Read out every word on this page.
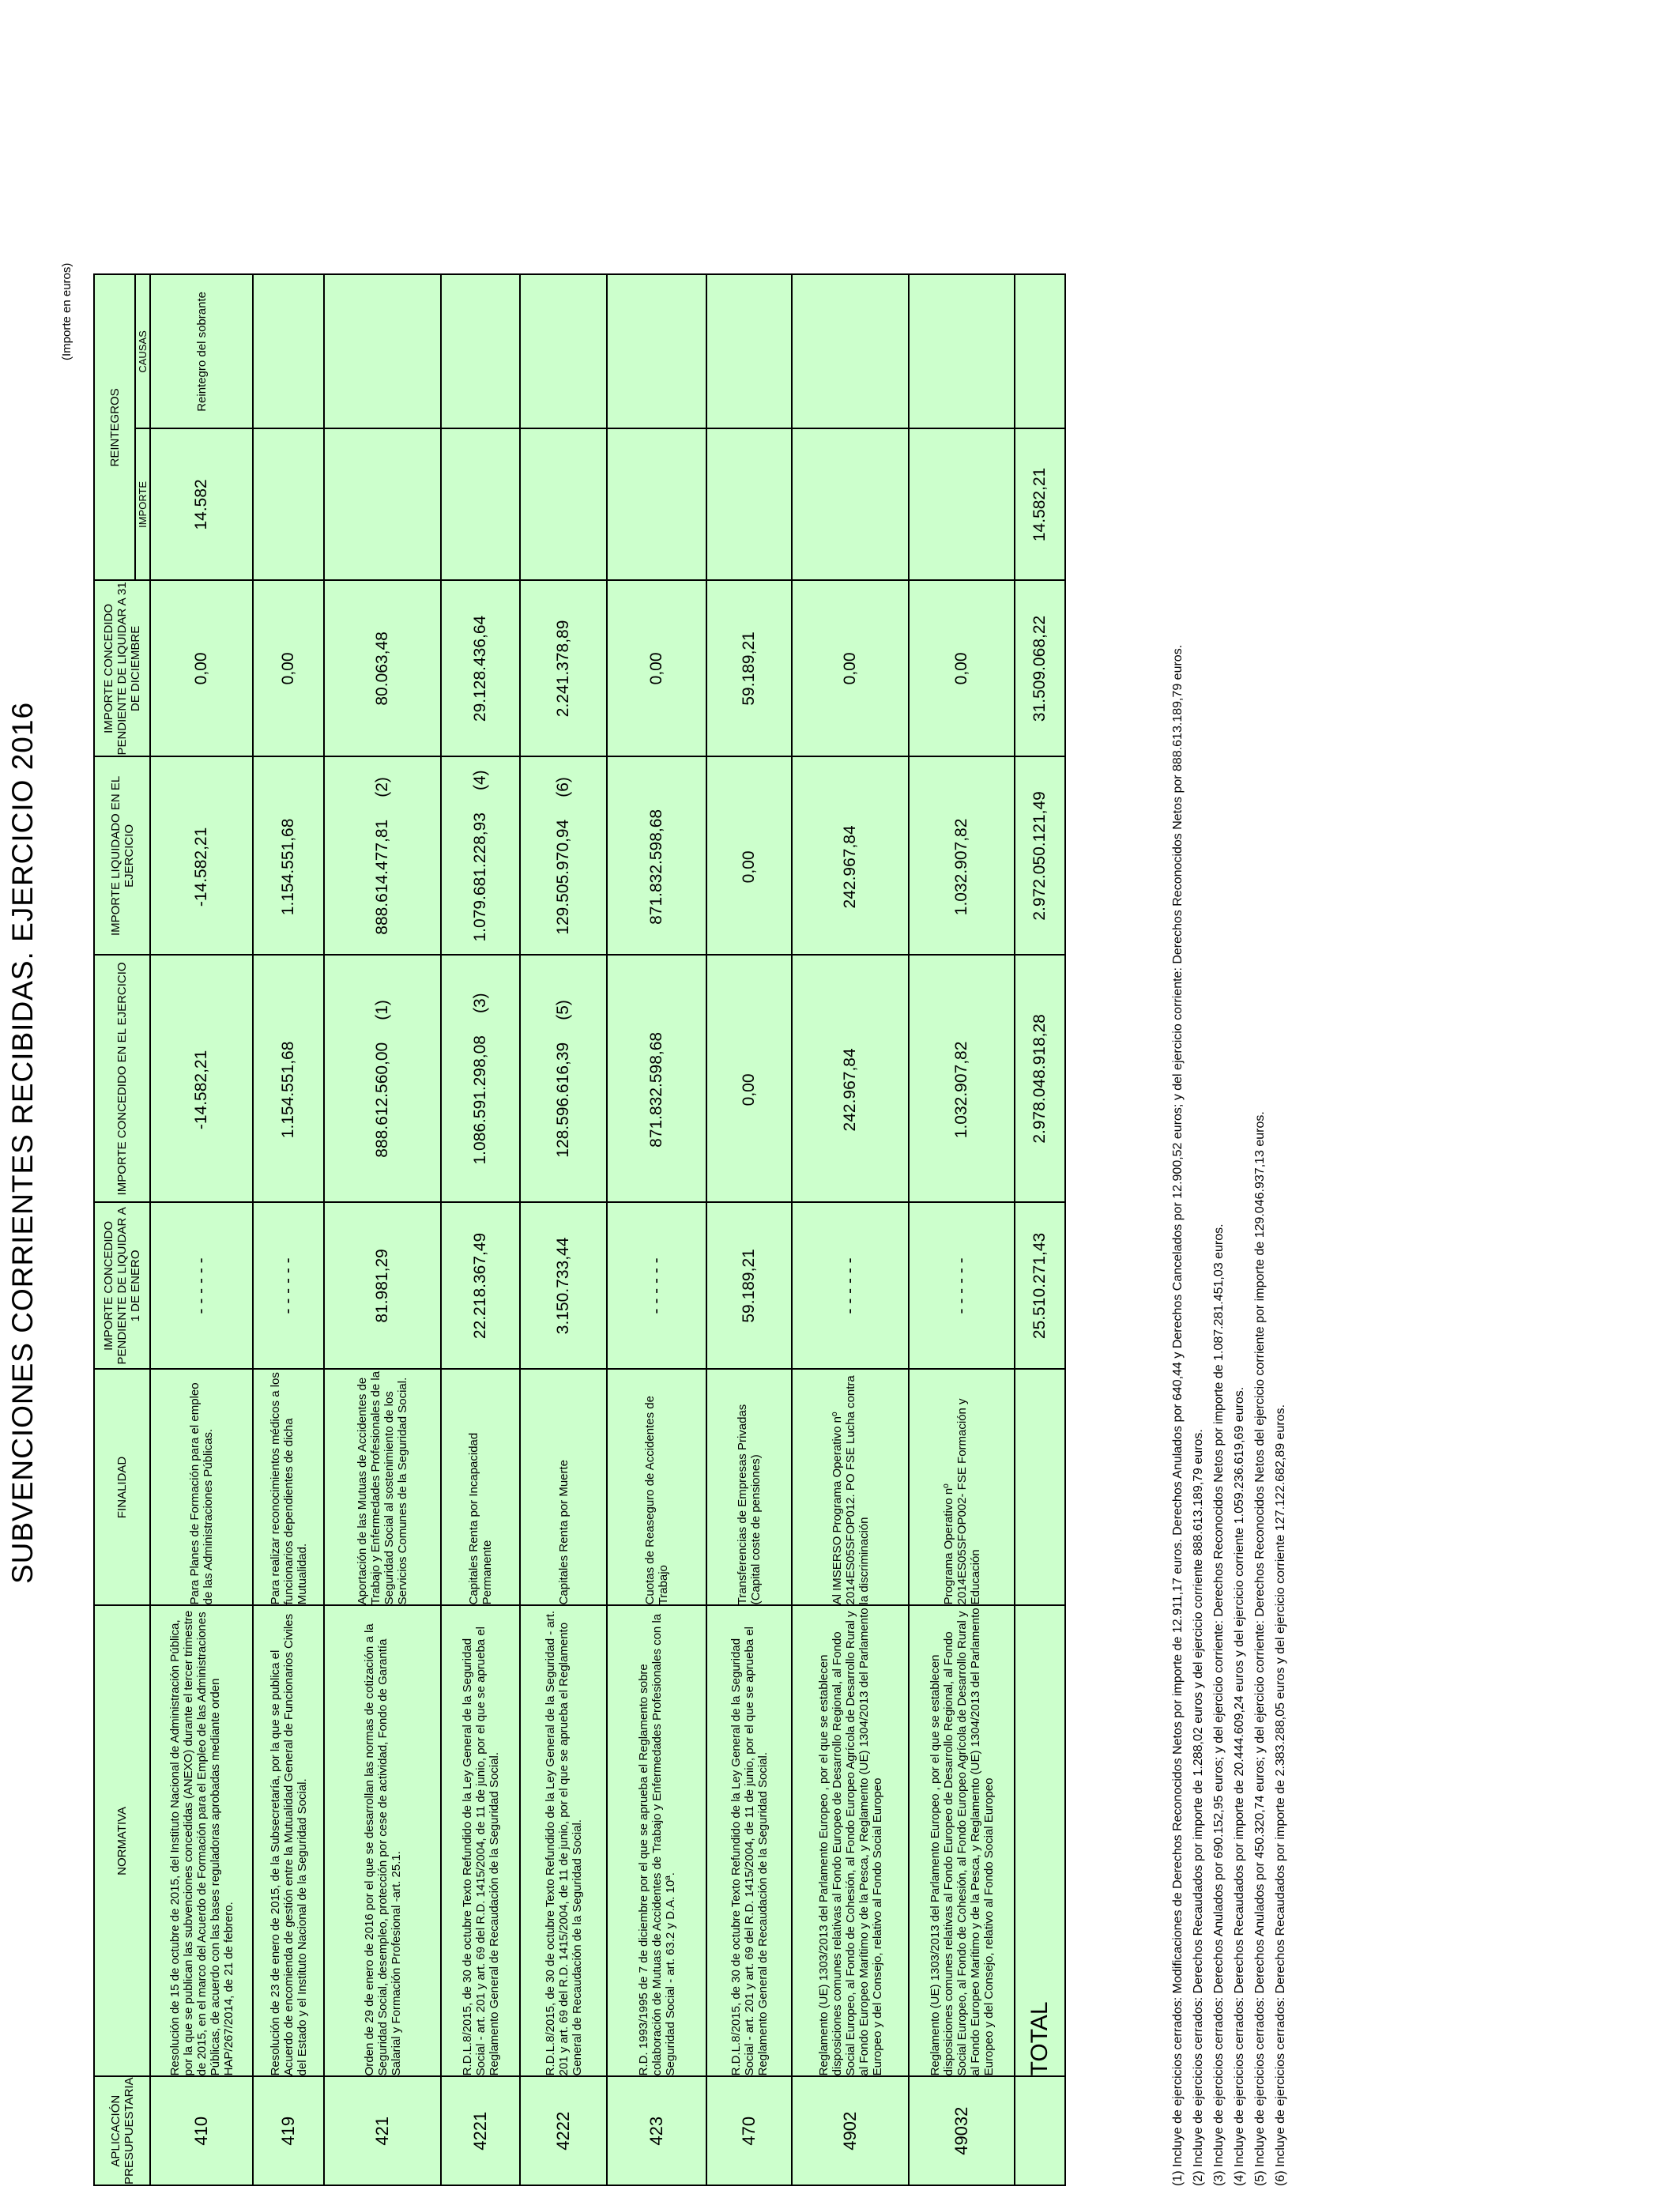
SUBVENCIONES CORRIENTES RECIBIDAS. EJERCICIO 2016
(Importe en euros)
APLICACIÓN PRESUPUESTARIA	NORMATIVA	FINALIDAD	IMPORTE CONCEDIDO PENDIENTE DE LIQUIDAR A 1 DE ENERO	IMPORTE CONCEDIDO EN EL EJERCICIO	IMPORTE LIQUIDADO EN EL EJERCICIO	IMPORTE CONCEDIDO PENDIENTE DE LIQUIDAR A 31 DE DICIEMBRE	REINTEGROS	
							IMPORTE	CAUSAS
410	Resolución de 15 de octubre de 2015, del Instituto Nacional de Administración Pública, por la que se publican las subvenciones concedidas (ANEXO) durante el tercer trimestre de 2015, en el marco del Acuerdo de Formación para el Empleo de las Administraciones Públicas, de acuerdo con las bases reguladoras aprobadas mediante orden HAP/267/2014, de 21 de febrero.	Para Planes de Formación para el empleo de las Administraciones Públicas.	- - - - - -	-14.582,21	-14.582,21	0,00	14.582	Reintegro del sobrante
419	Resolución de 23 de enero de 2015, de la Subsecretaría, por la que se publica el Acuerdo de encomienda de gestión entre la Mutualidad General de Funcionarios Civiles del Estado y el Instituto Nacional de la Seguridad Social.	Para realizar reconocimientos médicos a los funcionarios dependientes de dicha Mutualidad.	- - - - - -	1.154.551,68	1.154.551,68	0,00		
421	Orden de 29 de enero de 2016 por el que se desarrollan las normas de cotización a la Seguridad Social, desempleo, protección por cese de actividad, Fondo de Garantía Salarial y Formación Profesional -art. 25.1.	Aportación de las Mutuas de Accidentes de Trabajo y Enfermedades Profesionales de la Seguridad Social al sostenimiento de los Servicios Comunes de la Seguridad Social.	81.981,29	888.612.560,00(1)	888.614.477,81(2)	80.063,48		
4221	R.D.L.8/2015, de 30 de octubre Texto Refundido de la Ley General de la Seguridad Social - art. 201 y art. 69 del R.D. 1415/2004, de 11 de junio, por el que se aprueba el Reglamento General de Recaudación de la Seguridad Social.	Capitales Renta por Incapacidad Permanente	22.218.367,49	1.086.591.298,08(3)	1.079.681.228,93(4)	29.128.436,64		
4222	R.D.L.8/2015, de 30 de octubre Texto Refundido de la Ley General de la Seguridad - art. 201 y art. 69 del R.D. 1415/2004, de 11 de junio, por el que se aprueba el Reglamento General de Recaudación de la Seguridad Social.	Capitales Renta por Muerte	3.150.733,44	128.596.616,39(5)	129.505.970,94(6)	2.241.378,89		
423	R.D. 1993/1995 de 7 de diciembre por el que se aprueba el Reglamento sobre colaboración de Mutuas de Accidentes de Trabajo y Enfermedades Profesionales con la Seguridad Social - art. 63.2 y D.A. 10ª.	Cuotas de Reaseguro de Accidentes de Trabajo	- - - - - -	871.832.598,68	871.832.598,68	0,00		
470	R.D.L.8/2015, de 30 de octubre Texto Refundido de la Ley General de la Seguridad Social - art. 201 y art. 69 del R.D. 1415/2004, de 11 de junio, por el que se aprueba el Reglamento General de Recaudación de la Seguridad Social.	Transferencias de Empresas Privadas (Capital coste de pensiones)	59.189,21	0,00	0,00	59.189,21		
4902	Reglamento (UE) 1303/2013 del Parlamento Europeo , por el que se establecen disposiciones comunes relativas al Fondo Europeo de Desarrollo Regional, al Fondo Social Europeo, al Fondo de Cohesión, al Fondo Europeo Agrícola de Desarrollo Rural y al Fondo Europeo Marítimo y de la Pesca, y Reglamento (UE) 1304/2013 del Parlamento Europeo y del Consejo, relativo al Fondo Social Europeo	Al IMSERSO Programa Operativo nº 2014ES05SFOP012. PO FSE Lucha contra la discriminación	- - - - - -	242.967,84	242.967,84	0,00		
49032	Reglamento (UE) 1303/2013 del Parlamento Europeo , por el que se establecen disposiciones comunes relativas al Fondo Europeo de Desarrollo Regional, al Fondo Social Europeo, al Fondo de Cohesión, al Fondo Europeo Agrícola de Desarrollo Rural y al Fondo Europeo Marítimo y de la Pesca, y Reglamento (UE) 1304/2013 del Parlamento Europeo y del Consejo, relativo al Fondo Social Europeo	Programa Operativo nº 2014ES05SFOP002- FSE Formación y Educación	- - - - - -	1.032.907,82	1.032.907,82	0,00		
	TOTAL		25.510.271,43	2.978.048.918,28	2.972.050.121,49	31.509.068,22	14.582,21	
(1) Incluye de ejercicios cerrados: Modificaciones de Derechos Reconocidos Netos por importe de 12.911,17 euros. Derechos Anulados por 640,44 y Derechos Cancelados por 12.900,52 euros; y del ejercicio corriente: Derechos Reconocidos Netos por 888.613.189,79 euros. (2) Incluye de ejercicios cerrados: Derechos Recaudados por importe de 1.288,02 euros y del ejercicio corriente 888.613.189,79 euros. (3) Incluye de ejercicios cerrados: Derechos Anulados por 690.152,95 euros; y del ejercicio corriente: Derechos Reconocidos Netos por importe de 1.087.281.451,03 euros. (4) Incluye de ejercicios cerrados: Derechos Recaudados por importe de 20.444.609,24 euros y del ejercicio corriente 1.059.236.619,69 euros. (5) Incluye de ejercicios cerrados: Derechos Anulados por 450.320,74 euros; y del ejercicio corriente: Derechos Reconocidos Netos del ejercicio corriente por importe de 129.046.937,13 euros. (6) Incluye de ejercicios cerrados: Derechos Recaudados por importe de 2.383.288,05 euros y del ejercicio corriente 127.122.682,89 euros.
